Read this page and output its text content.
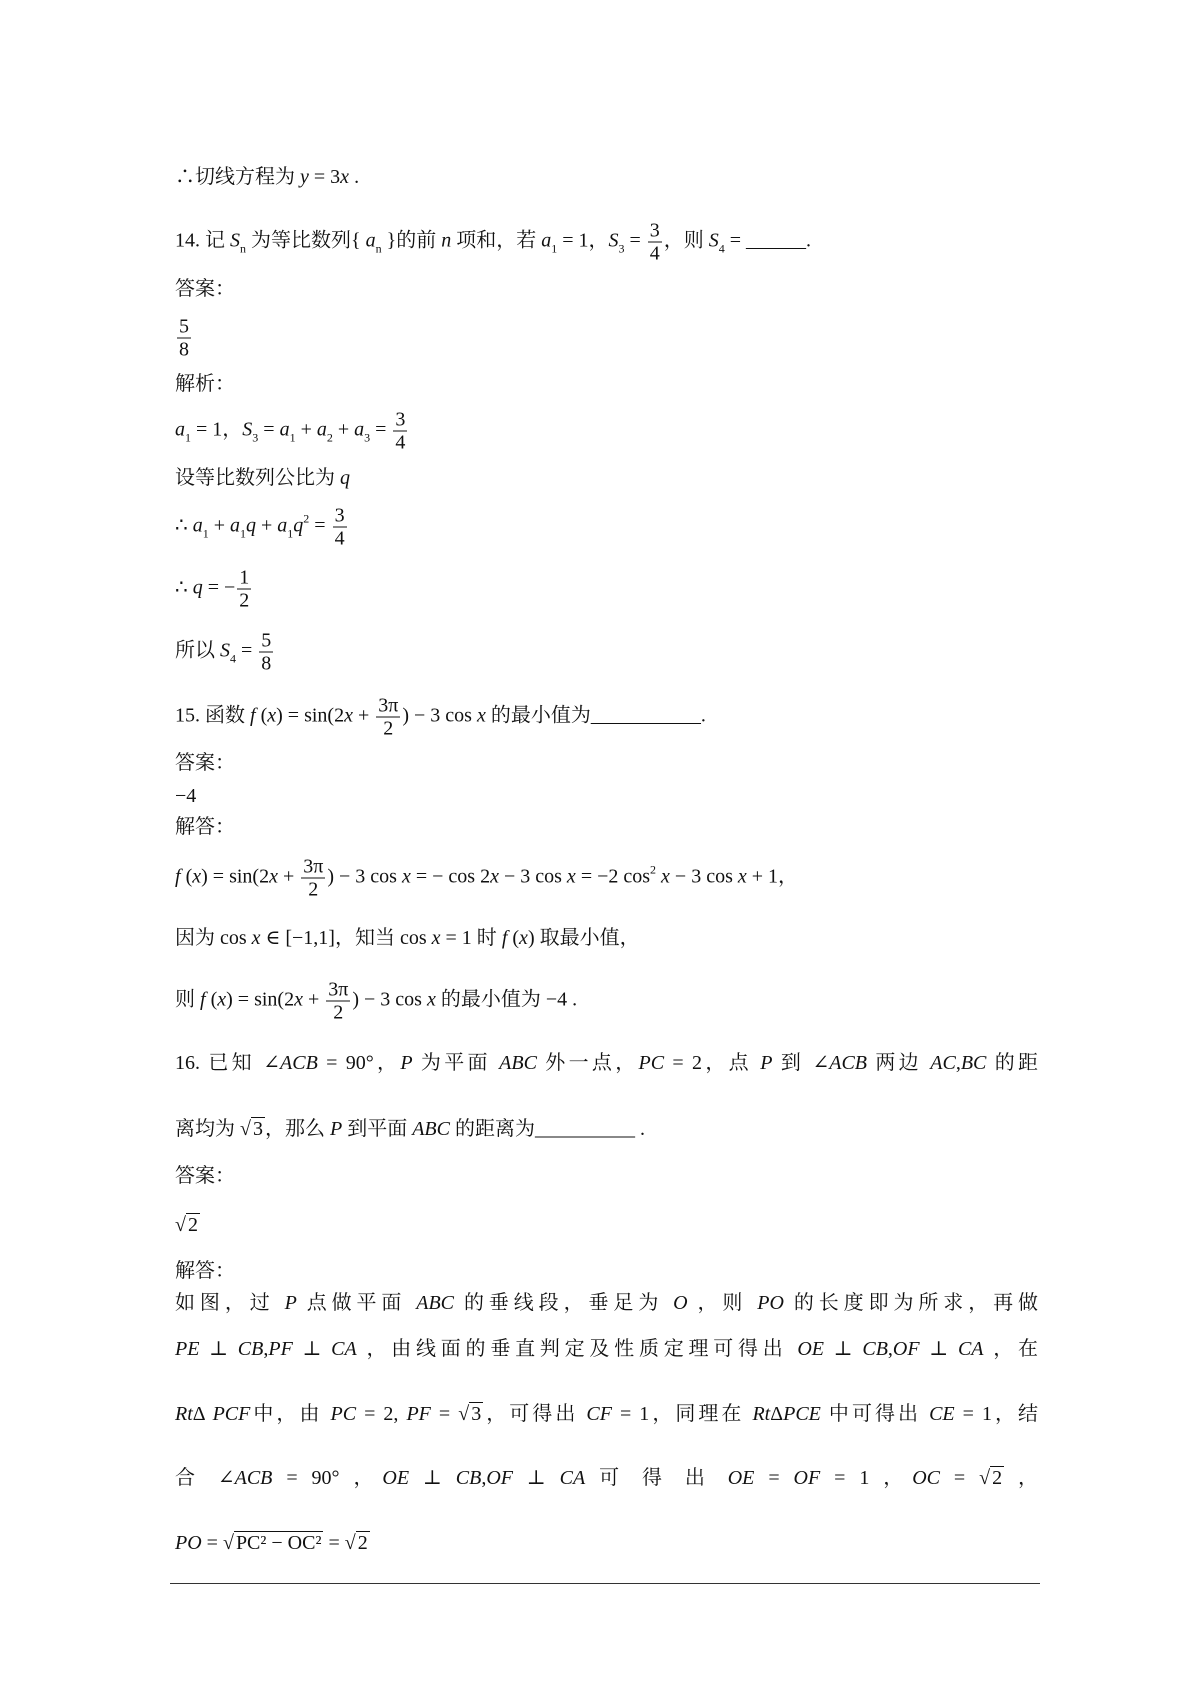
∴切线方程为 y = 3x .
14. 记 $S_n$ 为等比数列{ $a_n$ }的前 n 项和，若 $a_1 = 1$，$S_3 = \frac{3}{4}$ ，则 $S_4$ = ______.
答案：
$\frac{5}{8}$
解析：
$a_1 = 1$，$S_3 = a_1 + a_2 + a_3 = \frac{3}{4}$
设等比数列公比为 q
∴ $a_1 + a_1q + a_1q^2 = \frac{3}{4}$
∴ q = − $\frac{1}{2}$
所以 $S_4 = \frac{5}{8}$
15. 函数 f $(x) = \sin(2x + \frac{3\pi}{2}$ ) − 3 cos x 的最小值为___________.
答案：
−4
解答：
f $(x) = \sin(2x + \frac{3\pi}{2}$ ) − 3 cos x = − cos 2x − 3 cos x = −2 $\cos^2 x - 3$ cos x + 1，
因为 cos x ∈ [−1,1]，知当 cos x = 1 时 f (x) 取最小值，
则 f $(x) = \sin(2x + \frac{3\pi}{2}$ ) − 3 cos x 的最小值为 −4 .
16. 已知 ∠ACB = 90°，P 为平面 ABC 外一点，PC = 2，点 P 到 ∠ACB 两边 AC,BC 的距
离均为 √ 3 ，那么 P 到平面 ABC 的距离为__________ .
答案：
√ 2
解答：
如图，过 P 点做平面 ABC 的垂线段，垂足为 O ，则 PO 的长度即为所求，再做
PE ⊥ CB,PF ⊥ CA ，由线面的垂直判定及性质定理可得出 OE ⊥ CB,OF ⊥ CA ，在
RtΔ PCF中，由 PC = 2, PF = √ 3 ，可得出 CF = 1，同理在 RtΔPCE 中可得出 CE = 1，结
合 ∠ACB = 90° ，OE ⊥ CB,OF ⊥ CA 可 得 出 OE = OF = 1 ，OC = √ 2 ，
PO = √ PC² − OC² = √ 2
